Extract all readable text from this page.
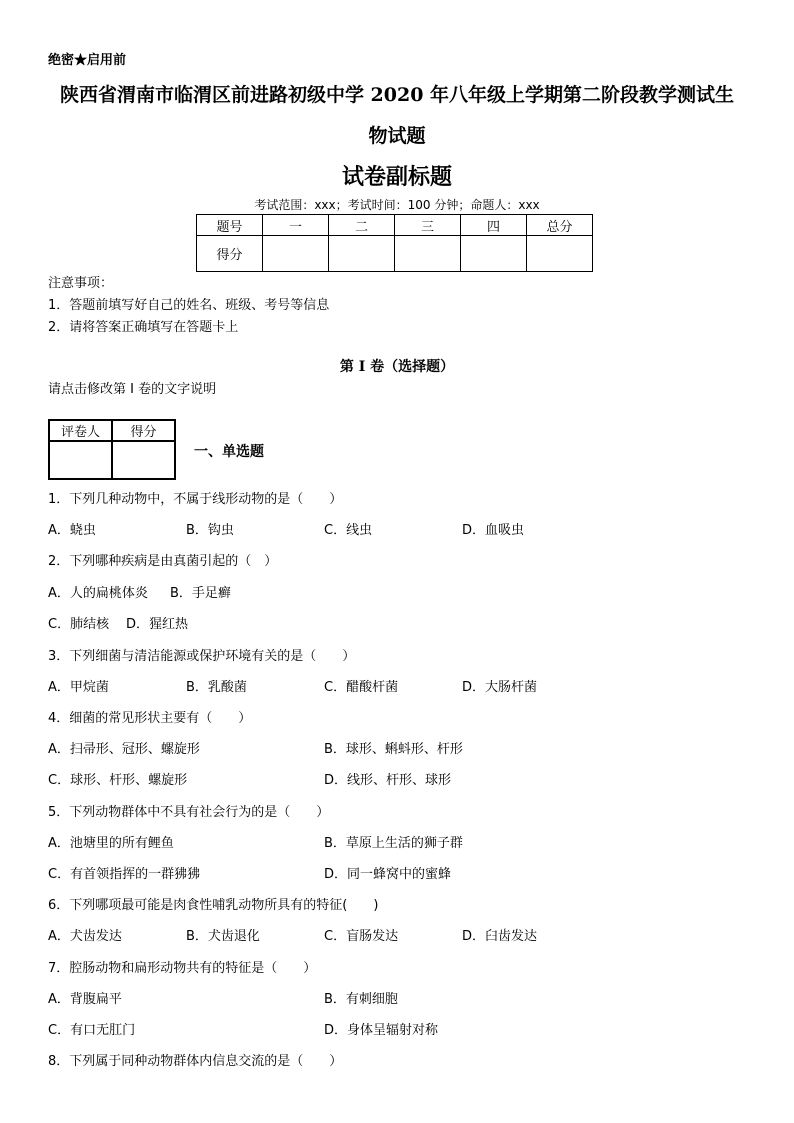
绝密★启用前
陕西省渭南市临渭区前进路初级中学 2020 年八年级上学期第二阶段教学测试生
物试题
试卷副标题
考试范围：xxx；考试时间：100 分钟；命题人：xxx
题号	一	二	三	四	总分
得分					
注意事项：
1．答题前填写好自己的姓名、班级、考号等信息
2．请将答案正确填写在答题卡上
第 I 卷（选择题）
请点击修改第 I 卷的文字说明
评卷人	得分

一、单选题
1．下列几种动物中，不属于线形动物的是（　　）
A．蛲虫	B．钩虫	C．线虫	D．血吸虫
2．下列哪种疾病是由真菌引起的（　）
A．人的扁桃体炎 B．手足癣
C．肺结核 D．猩红热
3．下列细菌与清洁能源或保护环境有关的是（　　）
A．甲烷菌	B．乳酸菌	C．醋酸杆菌	D．大肠杆菌
4．细菌的常见形状主要有（　　）
A．扫帚形、冠形、螺旋形	B．球形、蝌蚪形、杆形
C．球形、杆形、螺旋形	D．线形、杆形、球形
5．下列动物群体中不具有社会行为的是（　　）
A．池塘里的所有鲤鱼	B．草原上生活的狮子群
C．有首领指挥的一群狒狒	D．同一蜂窝中的蜜蜂
6．下列哪项最可能是肉食性哺乳动物所具有的特征(　　)
A．犬齿发达	B．犬齿退化	C．盲肠发达	D．臼齿发达
7．腔肠动物和扁形动物共有的特征是（　　）
A．背腹扁平	B．有刺细胞
C．有口无肛门	D．身体呈辐射对称
8．下列属于同种动物群体内信息交流的是（　　）
